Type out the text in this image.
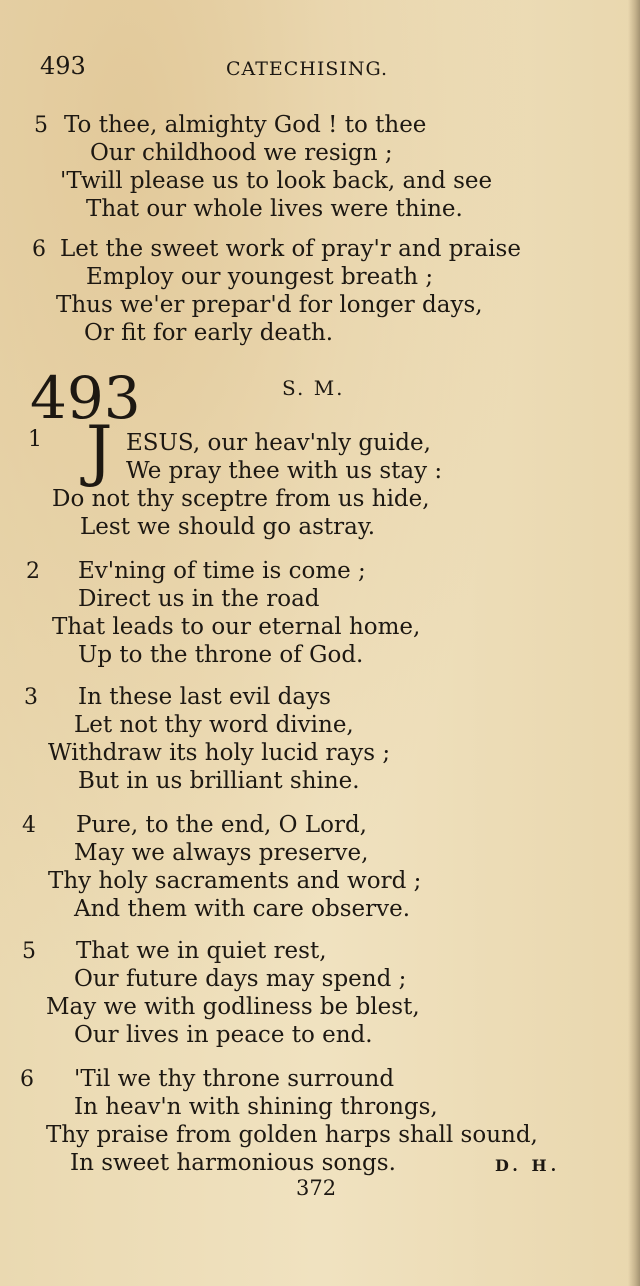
493	CATECHISING.
5 To thee, almighty God ! to thee
Our childhood we resign ;
'Twill please us to look back, and see
That our whole lives were thine.
6 Let the sweet work of pray'r and praise
Employ our youngest breath ;
Thus we'er prepar'd for longer days,
Or fit for early death.
493	S. M.
1 J ESUS, our heav'nly guide,
We pray thee with us stay :
Do not thy sceptre from us hide,
Lest we should go astray.
2 Ev'ning of time is come ;
Direct us in the road
That leads to our eternal home,
Up to the throne of God.
3 In these last evil days
Let not thy word divine,
Withdraw its holy lucid rays ;
But in us brilliant shine.
4 Pure, to the end, O Lord,
May we always preserve,
Thy holy sacraments and word ;
And them with care observe.
5 That we in quiet rest,
Our future days may spend ;
May we with godliness be blest,
Our lives in peace to end.
6 'Til we thy throne surround
In heav'n with shining throngs,
Thy praise from golden harps shall sound,
In sweet harmonious songs.	D. H.
372
